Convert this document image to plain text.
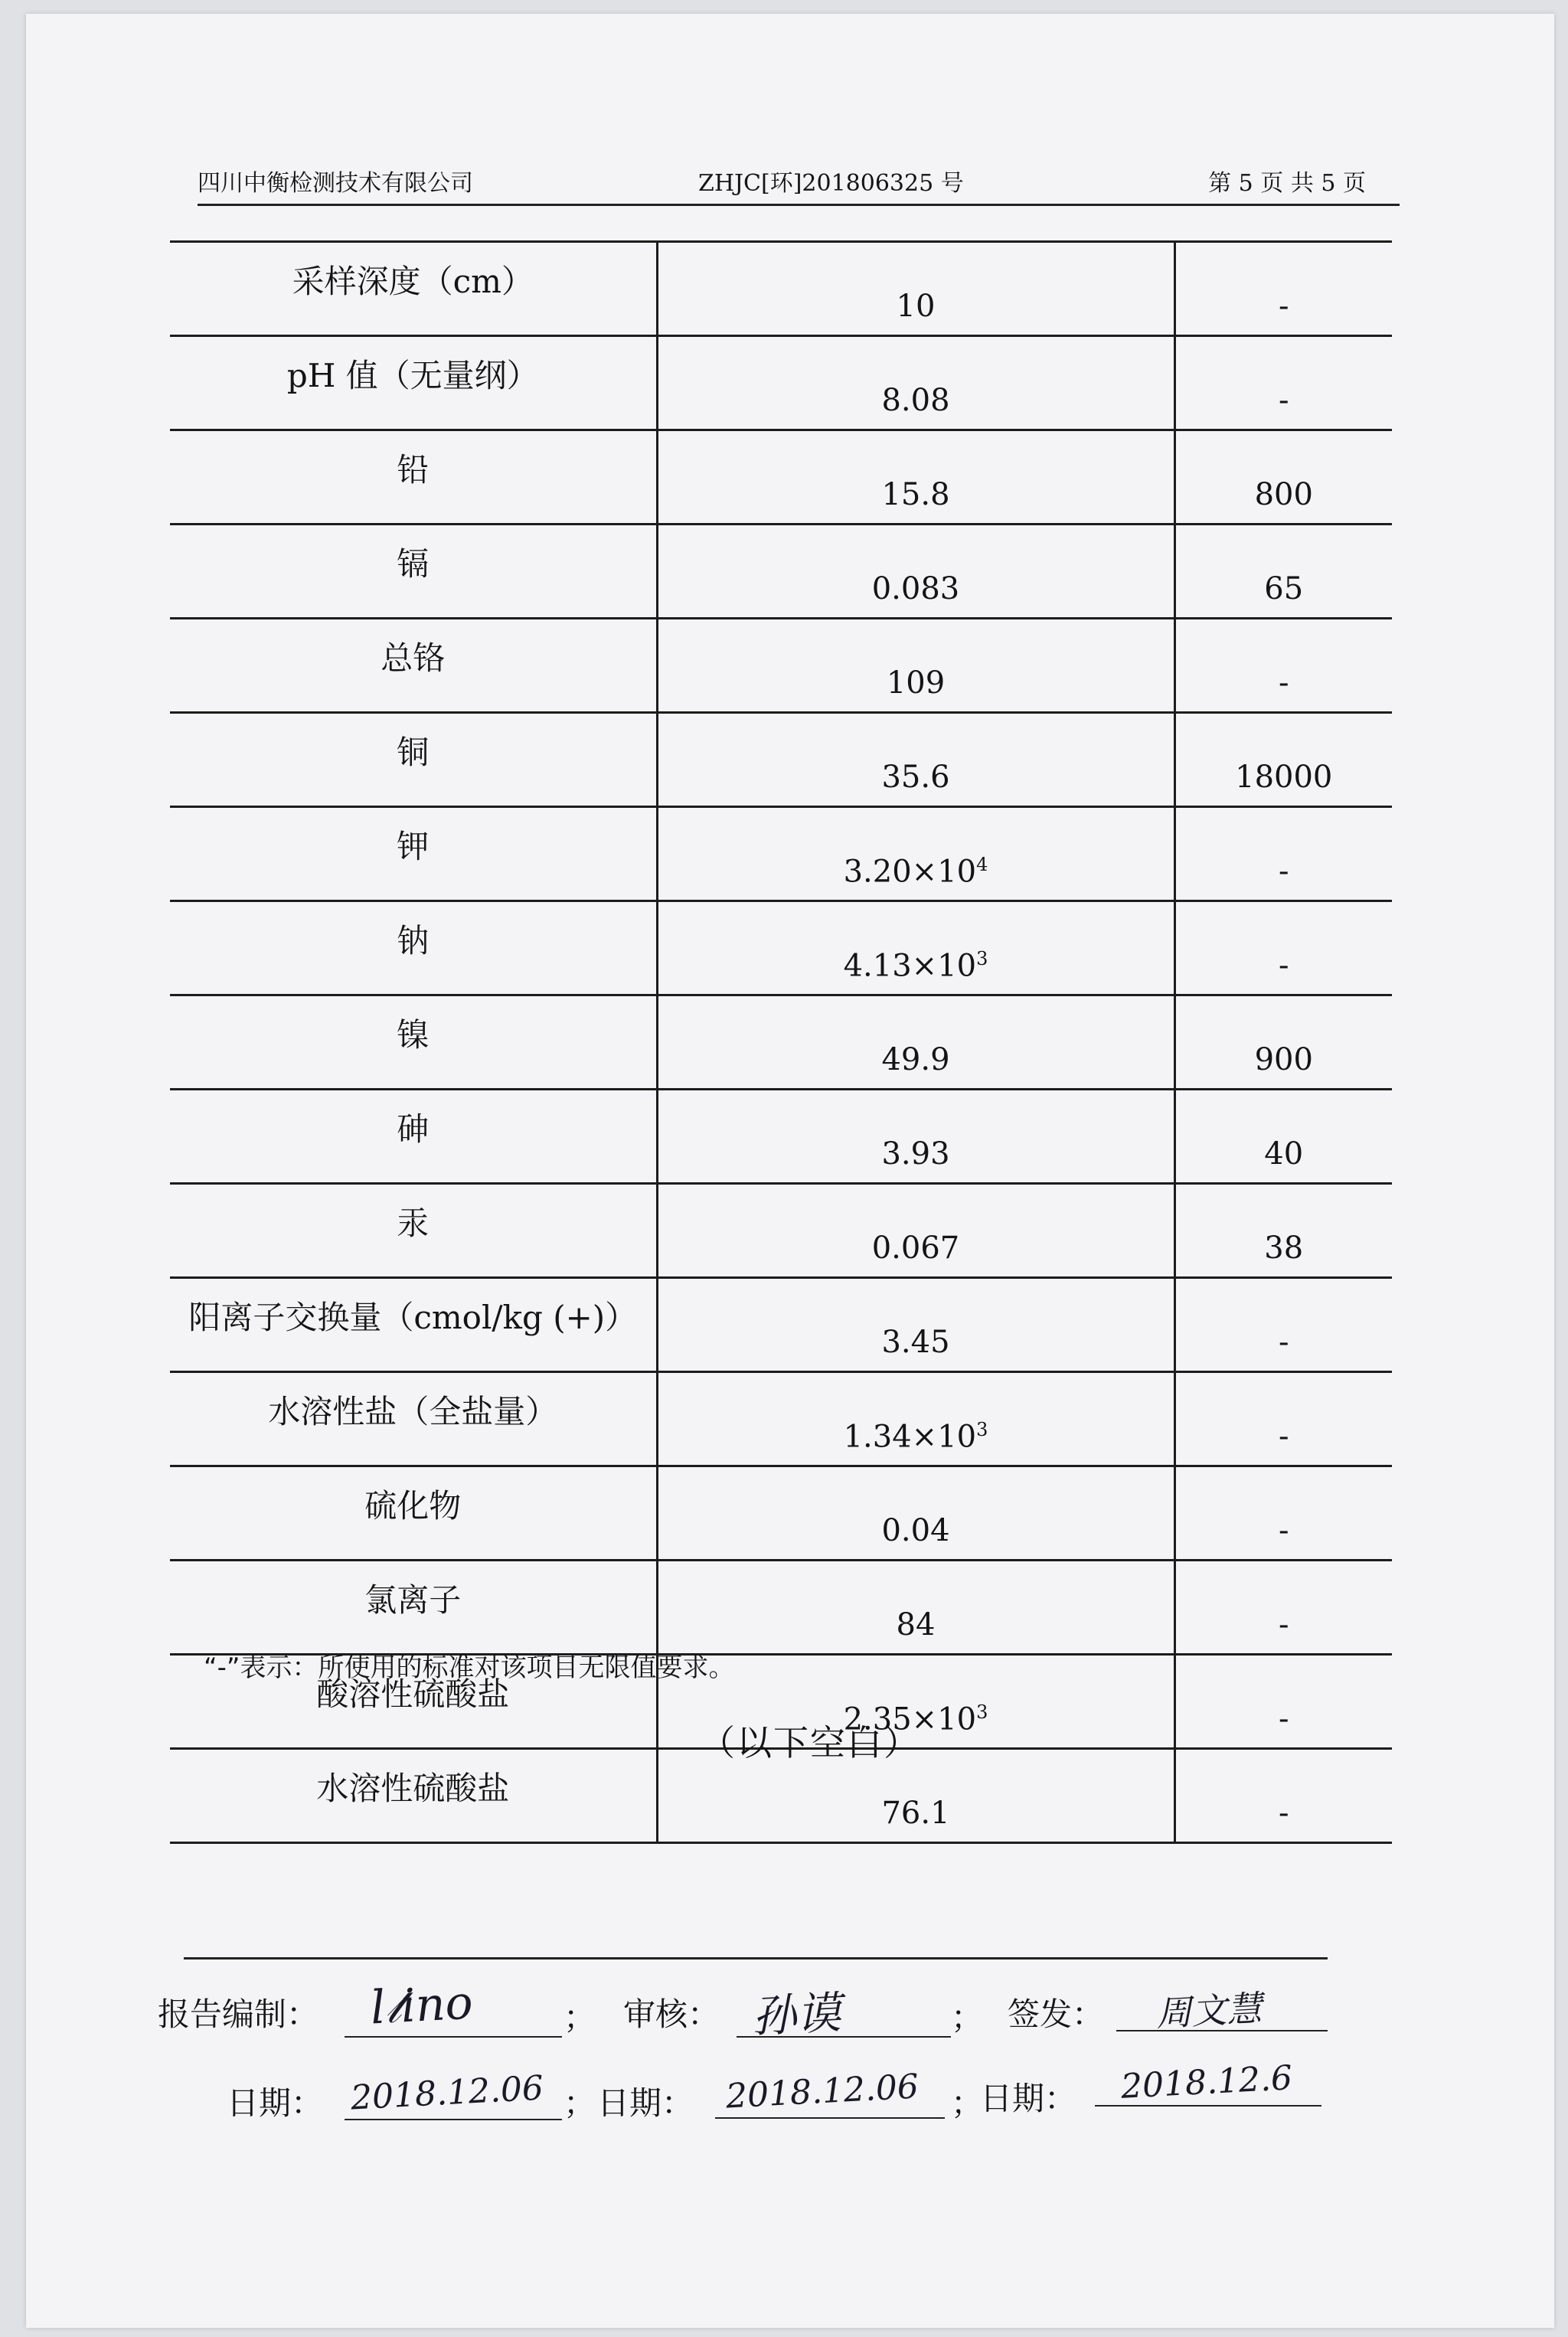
四川中衡检测技术有限公司	ZHJC[环]201806325 号	第 5 页 共 5 页
采样深度（cm）	10	-
pH 值（无量纲）	8.08	-
铅	15.8	800
镉	0.083	65
总铬	109	-
铜	35.6	18000
钾	$3.20\times 10^4$	-
钠	$4.13\times 10^3$	-
镍	49.9	900
砷	3.93	40
汞	0.067	38
阳离子交换量（cmol/kg (+)）	3.45	-
水溶性盐（全盐量）	$1.34\times 10^3$	-
硫化物	0.04	-
氯离子	84	-
酸溶性硫酸盐	$2.35\times 10^3$	-
水溶性硫酸盐	76.1	-
“-”表示：所使用的标准对该项目无限值要求。
（以下空白）
报告编制： l𝓉ino	； 审核： 孙谟	； 签发： 周文慧
日期： 2018.12.06 ； 日期： 2018.12.06 ；
日期： 2018.12.6
